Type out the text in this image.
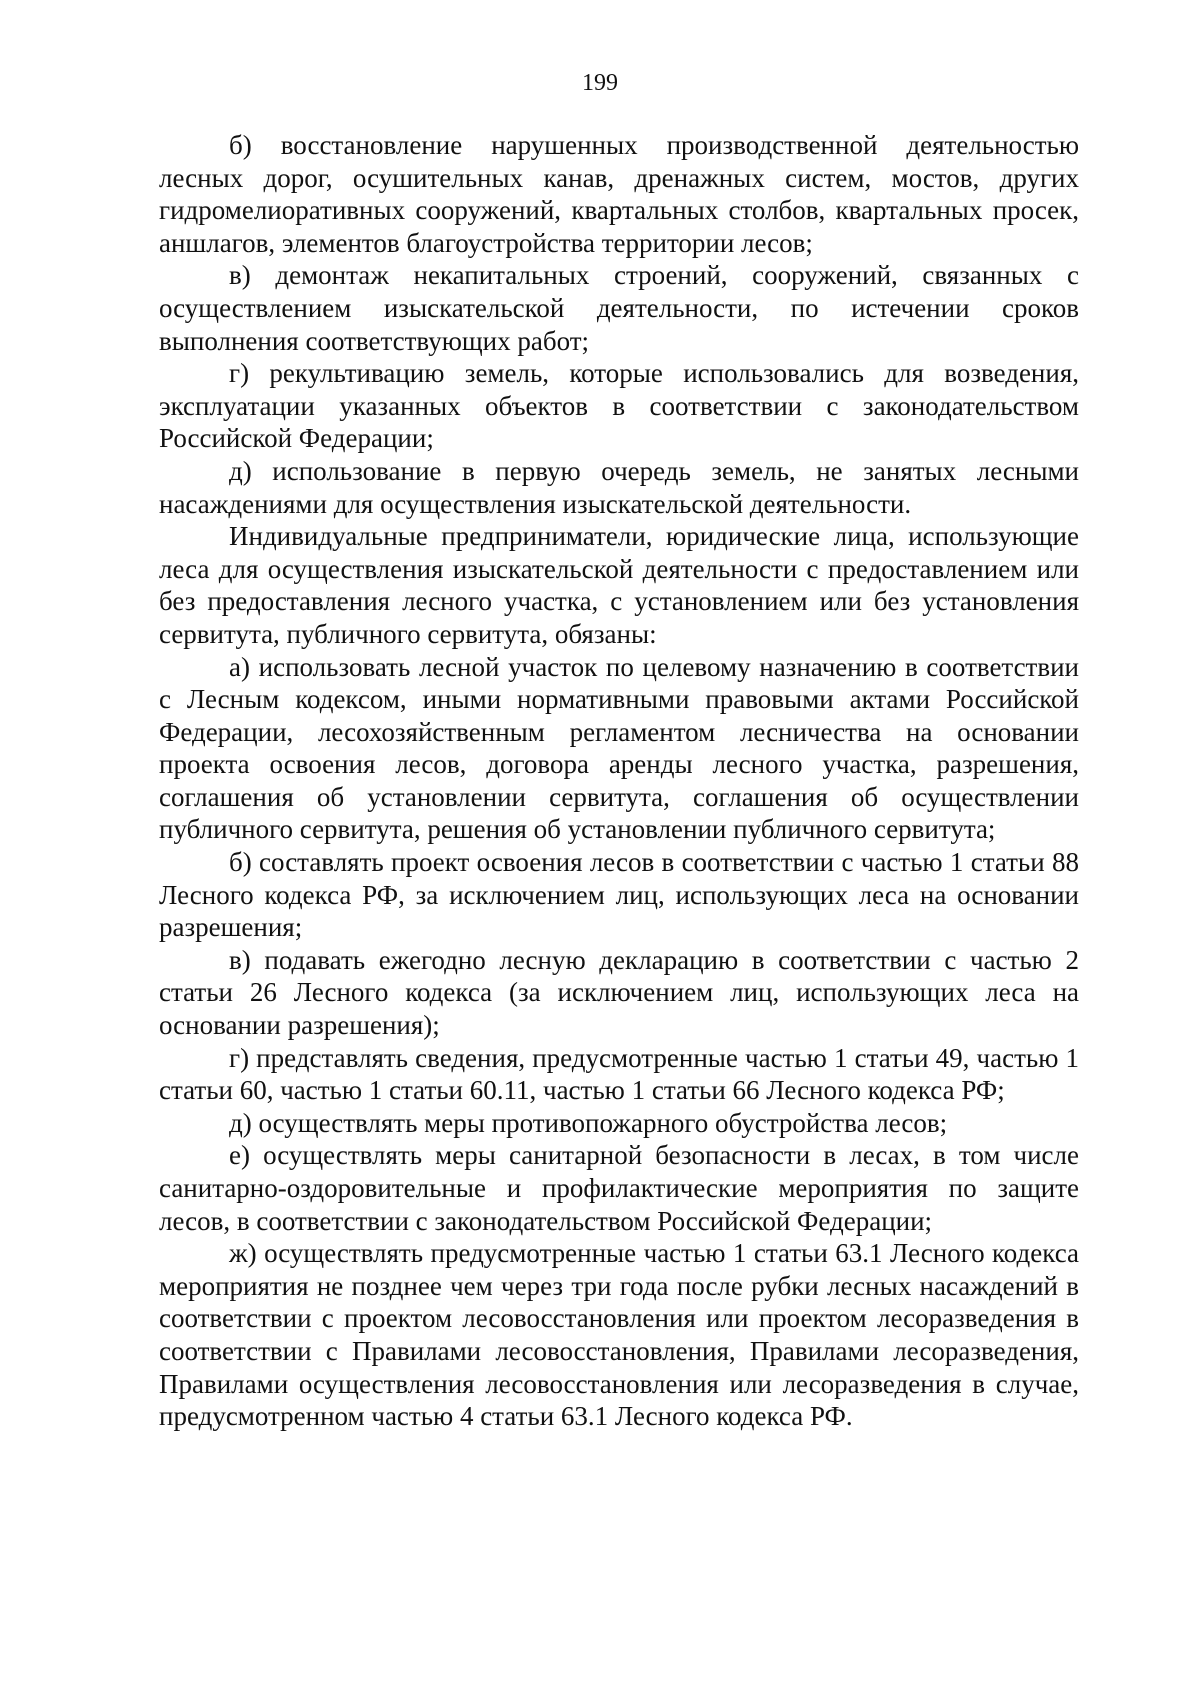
199

б) восстановление нарушенных производственной деятельностью лесных дорог, осушительных канав, дренажных систем, мостов, других гидромелиоративных сооружений, квартальных столбов, квартальных просек, аншлагов, элементов благоустройства территории лесов;

в) демонтаж некапитальных строений, сооружений, связанных с осуществлением изыскательской деятельности, по истечении сроков выполнения соответствующих работ;

г) рекультивацию земель, которые использовались для возведения, эксплуатации указанных объектов в соответствии с законодательством Российской Федерации;

д) использование в первую очередь земель, не занятых лесными насаждениями для осуществления изыскательской деятельности.

Индивидуальные предприниматели, юридические лица, использующие леса для осуществления изыскательской деятельности с предоставлением или без предоставления лесного участка, с установлением или без установления сервитута, публичного сервитута, обязаны:

а) использовать лесной участок по целевому назначению в соответствии с Лесным кодексом, иными нормативными правовыми актами Российской Федерации, лесохозяйственным регламентом лесничества на основании проекта освоения лесов, договора аренды лесного участка, разрешения, соглашения об установлении сервитута, соглашения об осуществлении публичного сервитута, решения об установлении публичного сервитута;

б) составлять проект освоения лесов в соответствии с частью 1 статьи 88 Лесного кодекса РФ, за исключением лиц, использующих леса на основании разрешения;

в) подавать ежегодно лесную декларацию в соответствии с частью 2 статьи 26 Лесного кодекса (за исключением лиц, использующих леса на основании разрешения);

г) представлять сведения, предусмотренные частью 1 статьи 49, частью 1 статьи 60, частью 1 статьи 60.11, частью 1 статьи 66 Лесного кодекса РФ;

д) осуществлять меры противопожарного обустройства лесов;

е) осуществлять меры санитарной безопасности в лесах, в том числе санитарно-оздоровительные и профилактические мероприятия по защите лесов, в соответствии с законодательством Российской Федерации;

ж) осуществлять предусмотренные частью 1 статьи 63.1 Лесного кодекса мероприятия не позднее чем через три года после рубки лесных насаждений в соответствии с проектом лесовосстановления или проектом лесоразведения в соответствии с Правилами лесовосстановления, Правилами лесоразведения, Правилами осуществления лесовосстановления или лесоразведения в случае, предусмотренном частью 4 статьи 63.1 Лесного кодекса РФ.
